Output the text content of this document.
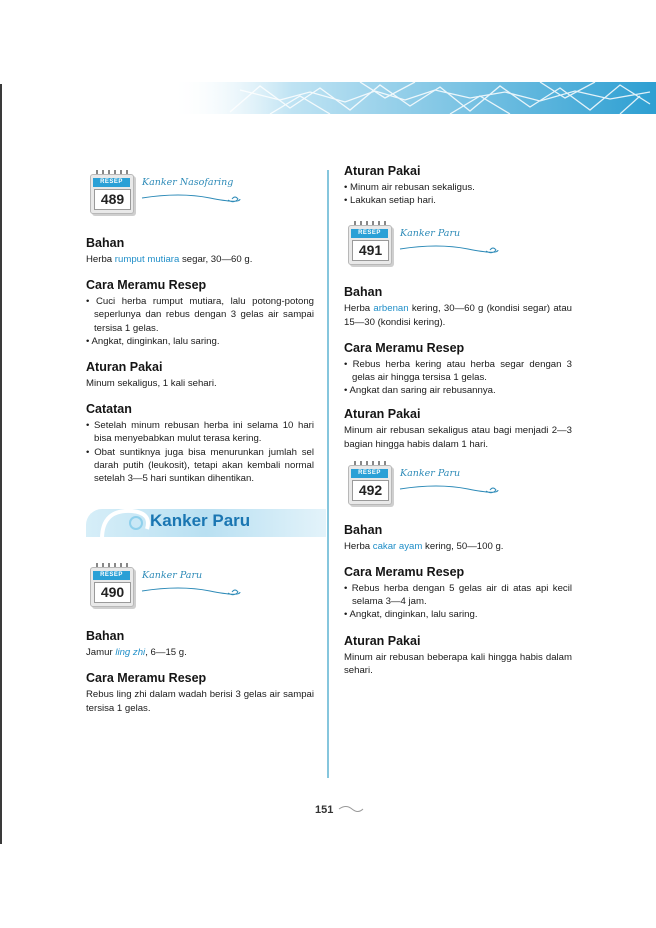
RESEP
489
Kanker Nasofaring
Bahan

Herba rumput mutiara segar, 30—60 g.

Cara Meramu Resep
• Cuci herba rumput mutiara, lalu potong-potong seperlunya dan rebus dengan 3 gelas air sampai tersisa 1 gelas.
• Angkat, dinginkan, lalu saring.
Aturan Pakai

Minum sekaligus, 1 kali sehari.

Catatan
• Setelah minum rebusan herba ini selama 10 hari bisa menyebabkan mulut terasa kering.
• Obat suntiknya juga bisa menurunkan jumlah sel darah putih (leukosit), tetapi akan kembali normal setelah 3—5 hari suntikan dihentikan.
Kanker Paru
RESEP
490
Kanker Paru
Bahan

Jamur ling zhi, 6—15 g.

Cara Meramu Resep

Rebus ling zhi dalam wadah berisi 3 gelas air sampai tersisa 1 gelas.

Aturan Pakai
• Minum air rebusan sekaligus.
• Lakukan setiap hari.
RESEP
491
Kanker Paru
Bahan

Herba arbenan kering, 30—60 g (kondisi segar) atau 15—30 (kondisi kering).

Cara Meramu Resep
• Rebus herba kering atau herba segar dengan 3 gelas air hingga tersisa 1 gelas.
• Angkat dan saring air rebusannya.
Aturan Pakai

Minum air rebusan sekaligus atau bagi menjadi 2—3 bagian hingga habis dalam 1 hari.

RESEP
492
Kanker Paru
Bahan

Herba cakar ayam kering, 50—100 g.

Cara Meramu Resep
• Rebus herba dengan 5 gelas air di atas api kecil selama 3—4 jam.
• Angkat, dinginkan, lalu saring.
Aturan Pakai

Minum air rebusan beberapa kali hingga habis dalam sehari.

151
